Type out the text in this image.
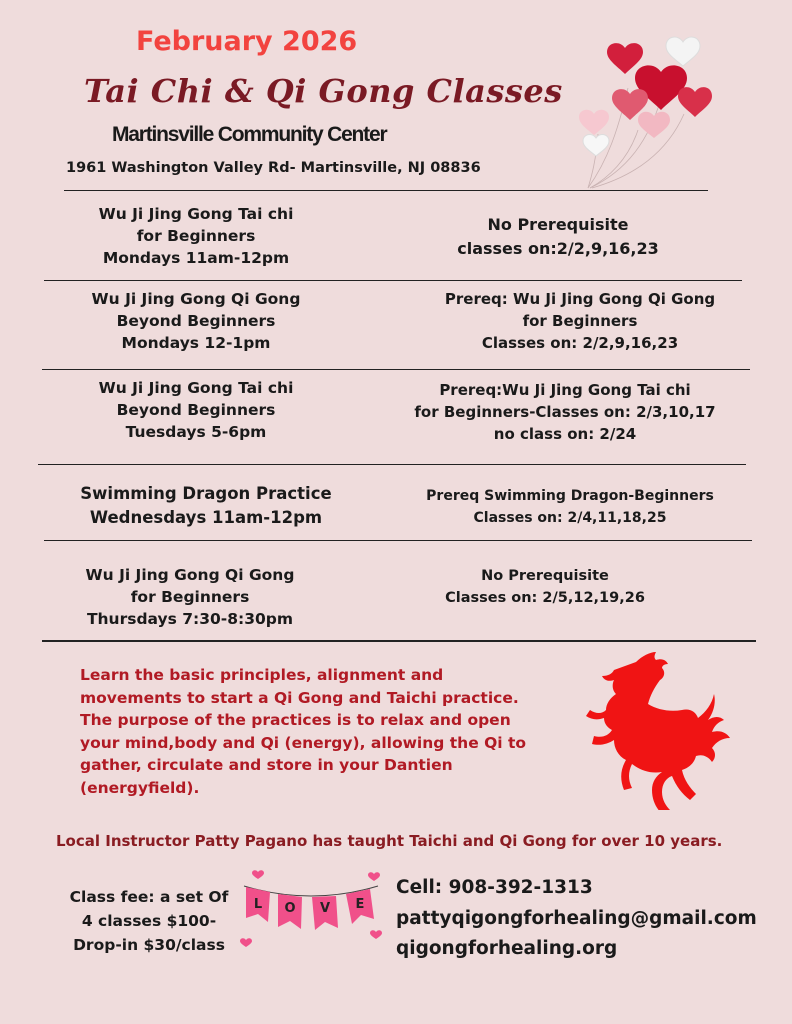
February 2026
Tai Chi & Qi Gong Classes
Martinsville Community Center
1961 Washington Valley Rd- Martinsville, NJ 08836
Wu Ji Jing Gong Tai chi
for Beginners
Mondays 11am-12pm
No Prerequisite
classes on:2/2,9,16,23
Wu Ji Jing Gong Qi Gong
Beyond Beginners
Mondays 12-1pm
Prereq: Wu Ji Jing Gong Qi Gong
for Beginners
Classes on: 2/2,9,16,23
Wu Ji Jing Gong Tai chi
Beyond Beginners
Tuesdays 5-6pm
Prereq:Wu Ji Jing Gong Tai chi
for Beginners-Classes on: 2/3,10,17
no class on: 2/24
Swimming Dragon Practice
Wednesdays 11am-12pm
Prereq Swimming Dragon-Beginners
Classes on: 2/4,11,18,25
Wu Ji Jing Gong Qi Gong
for Beginners
Thursdays 7:30-8:30pm
No Prerequisite
Classes on: 2/5,12,19,26
Learn the basic principles, alignment and movements to start a Qi Gong and Taichi practice. The purpose of the practices is to relax and open your mind,body and Qi (energy), allowing the Qi to gather, circulate and store in your Dantien (energyfield).
Local Instructor Patty Pagano has taught Taichi and Qi Gong for over 10 years.
Class fee: a set Of
4 classes $100-
Drop-in $30/class
L O V E
Cell: 908-392-1313
pattyqigongforhealing@gmail.com
qigongforhealing.org
